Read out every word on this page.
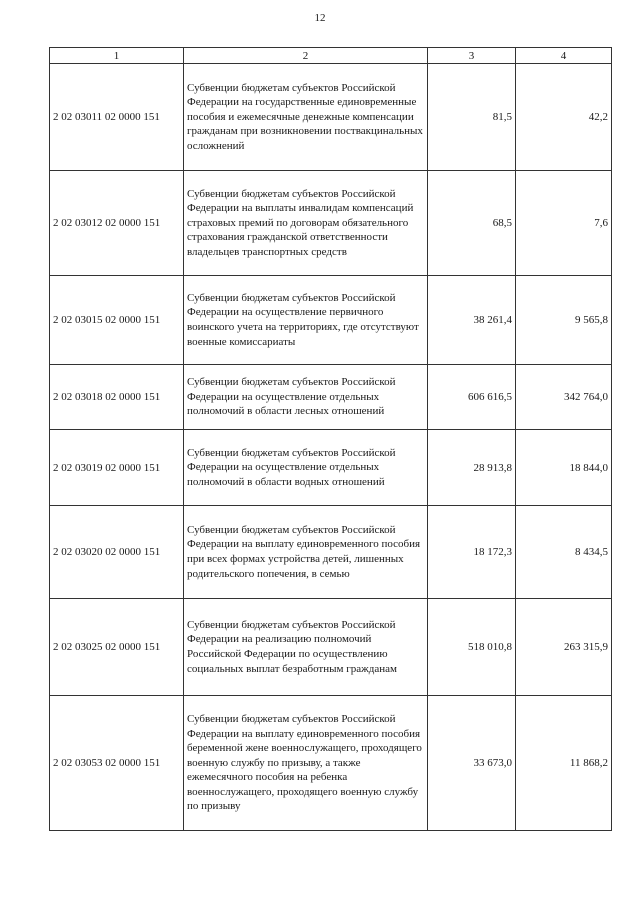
12
1	2	3	4
2 02 03011 02 0000 151	Субвенции бюджетам субъектов Российской Федерации на государственные единовременные пособия и ежемесячные денежные компенсации гражданам при возникновении поствакцинальных осложнений	81,5	42,2
2 02 03012 02 0000 151	Субвенции бюджетам субъектов Российской Федерации на выплаты инвалидам компенсаций страховых премий по договорам обязательного страхования гражданской ответственности владельцев транспортных средств	68,5	7,6
2 02 03015 02 0000 151	Субвенции бюджетам субъектов Российской Федерации на осуществление первичного воинского учета на территориях, где отсутствуют военные комиссариаты	38 261,4	9 565,8
2 02 03018 02 0000 151	Субвенции бюджетам субъектов Российской Федерации на осуществление отдельных полномочий в области лесных отношений	606 616,5	342 764,0
2 02 03019 02 0000 151	Субвенции бюджетам субъектов Российской Федерации на осуществление отдельных полномочий в области водных отношений	28 913,8	18 844,0
2 02 03020 02 0000 151	Субвенции бюджетам субъектов Российской Федерации на выплату единовременного пособия при всех формах устройства детей, лишенных родительского попечения, в семью	18 172,3	8 434,5
2 02 03025 02 0000 151	Субвенции бюджетам субъектов Российской Федерации на реализацию полномочий Российской Федерации по осуществлению социальных выплат безработным гражданам	518 010,8	263 315,9
2 02 03053 02 0000 151	Субвенции бюджетам субъектов Российской Федерации на выплату единовременного пособия беременной жене военнослужащего, проходящего военную службу по призыву, а также ежемесячного пособия на ребенка военнослужащего, проходящего военную службу по призыву	33 673,0	11 868,2
